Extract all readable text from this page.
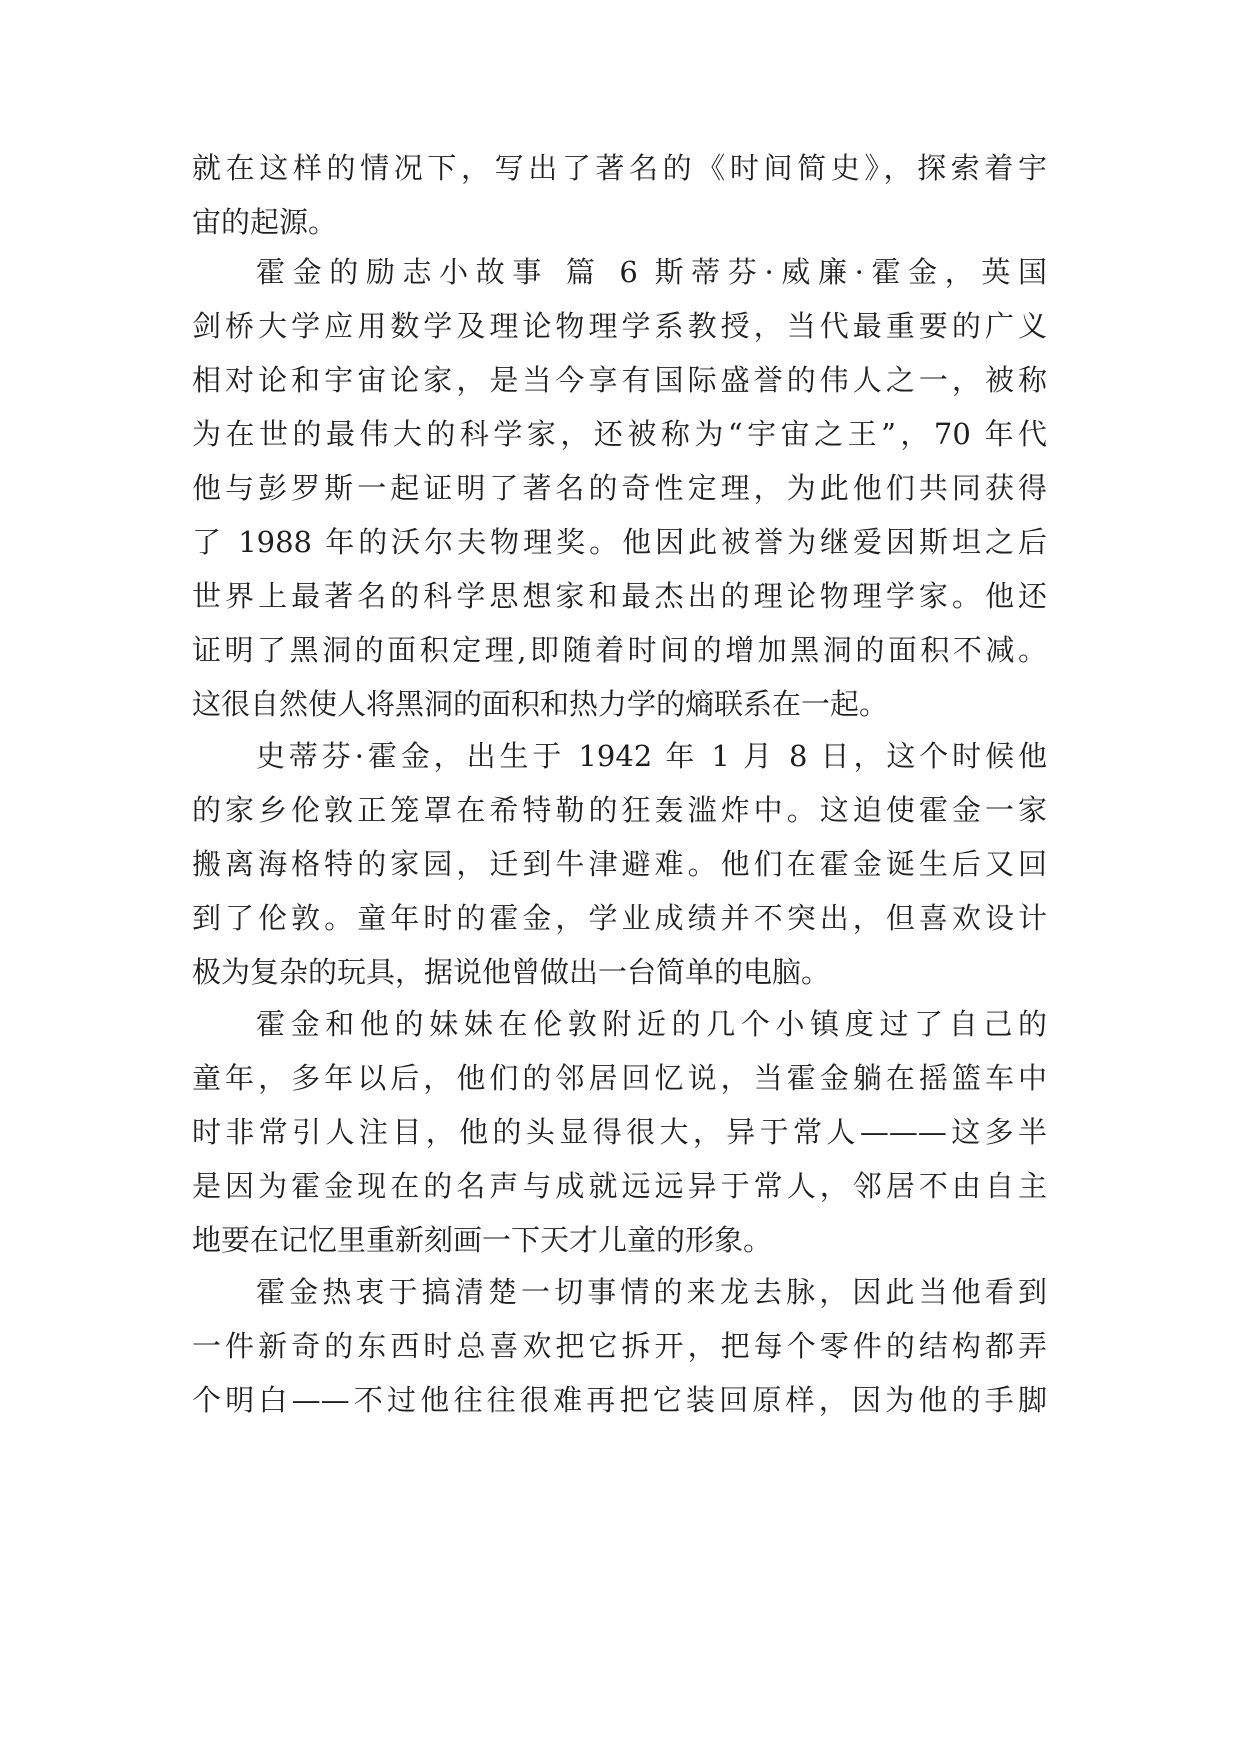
就在这样的情况下，写出了著名的《时间简史》，探索着宇
宙的起源。
霍金的励志小故事 篇 6 斯蒂芬·威廉·霍金，英国
剑桥大学应用数学及理论物理学系教授，当代最重要的广义
相对论和宇宙论家，是当今享有国际盛誉的伟人之一，被称
为在世的最伟大的科学家，还被称为“宇宙之王”，70 年代
他与彭罗斯一起证明了著名的奇性定理，为此他们共同获得
了 1988 年的沃尔夫物理奖。他因此被誉为继爱因斯坦之后
世界上最著名的科学思想家和最杰出的理论物理学家。他还
证明了黑洞的面积定理,即随着时间的增加黑洞的面积不减。
这很自然使人将黑洞的面积和热力学的熵联系在一起。
史蒂芬·霍金，出生于 1942 年 1 月 8 日，这个时候他
的家乡伦敦正笼罩在希特勒的狂轰滥炸中。这迫使霍金一家
搬离海格特的家园，迁到牛津避难。他们在霍金诞生后又回
到了伦敦。童年时的霍金，学业成绩并不突出，但喜欢设计
极为复杂的玩具，据说他曾做出一台简单的电脑。
霍金和他的妹妹在伦敦附近的几个小镇度过了自己的
童年，多年以后，他们的邻居回忆说，当霍金躺在摇篮车中
时非常引人注目，他的头显得很大，异于常人———这多半
是因为霍金现在的名声与成就远远异于常人，邻居不由自主
地要在记忆里重新刻画一下天才儿童的形象。
霍金热衷于搞清楚一切事情的来龙去脉，因此当他看到
一件新奇的东西时总喜欢把它拆开，把每个零件的结构都弄
个明白——不过他往往很难再把它装回原样，因为他的手脚
